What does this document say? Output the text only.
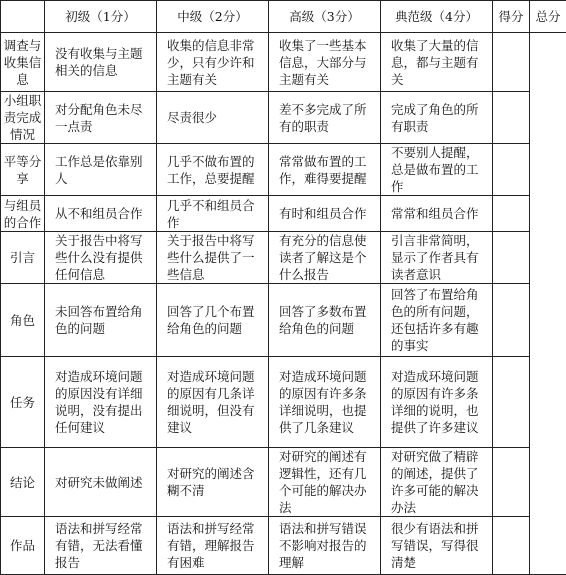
	初级（1分）	中级（2分）	高级（3分）	典范级（4分）	得分	总分
调查与收集信息	没有收集与主题相关的信息	收集的信息非常少，只有少许和主题有关	收集了一些基本信息，大部分与主题有关	收集了大量的信息，都与主题有关		
小组职责完成情况	对分配角色未尽一点责	尽责很少	差不多完成了所有的职责	完成了角色的所有职责		
平等分享	工作总是依靠别人	几乎不做布置的工作，总要提醒	常常做布置的工作，难得要提醒	不要别人提醒，总是做布置的工作		
与组员的合作	从不和组员合作	几乎不和组员合作	有时和组员合作	常常和组员合作		
引言	关于报告中将写些什么没有提供任何信息	关于报告中将写些什么提供了一些信息	有充分的信息使读者了解这是个什么报告	引言非常简明，显示了作者具有读者意识		
角色	未回答布置给角色的问题	回答了几个布置给角色的问题	回答了多数布置给角色的问题	回答了布置给角色的所有问题，还包括许多有趣的事实		
任务	对造成环境问题的原因没有详细说明，没有提出任何建议	对造成环境问题的原因有几条详细说明，但没有建议	对造成环境问题的原因有许多条详细说明，也提供了几条建议	对造成环境问题的原因有许多条详细的说明，也提供了许多建议		
结论	对研究未做阐述	对研究的阐述含糊不清	对研究的阐述有逻辑性，还有几个可能的解决办法	对研究做了精辟的阐述，提供了许多可能的解决办法		
作品	语法和拼写经常有错，无法看懂报告	语法和拼写经常有错，理解报告有困难	语法和拼写错误不影响对报告的理解	很少有语法和拼写错误，写得很清楚		
